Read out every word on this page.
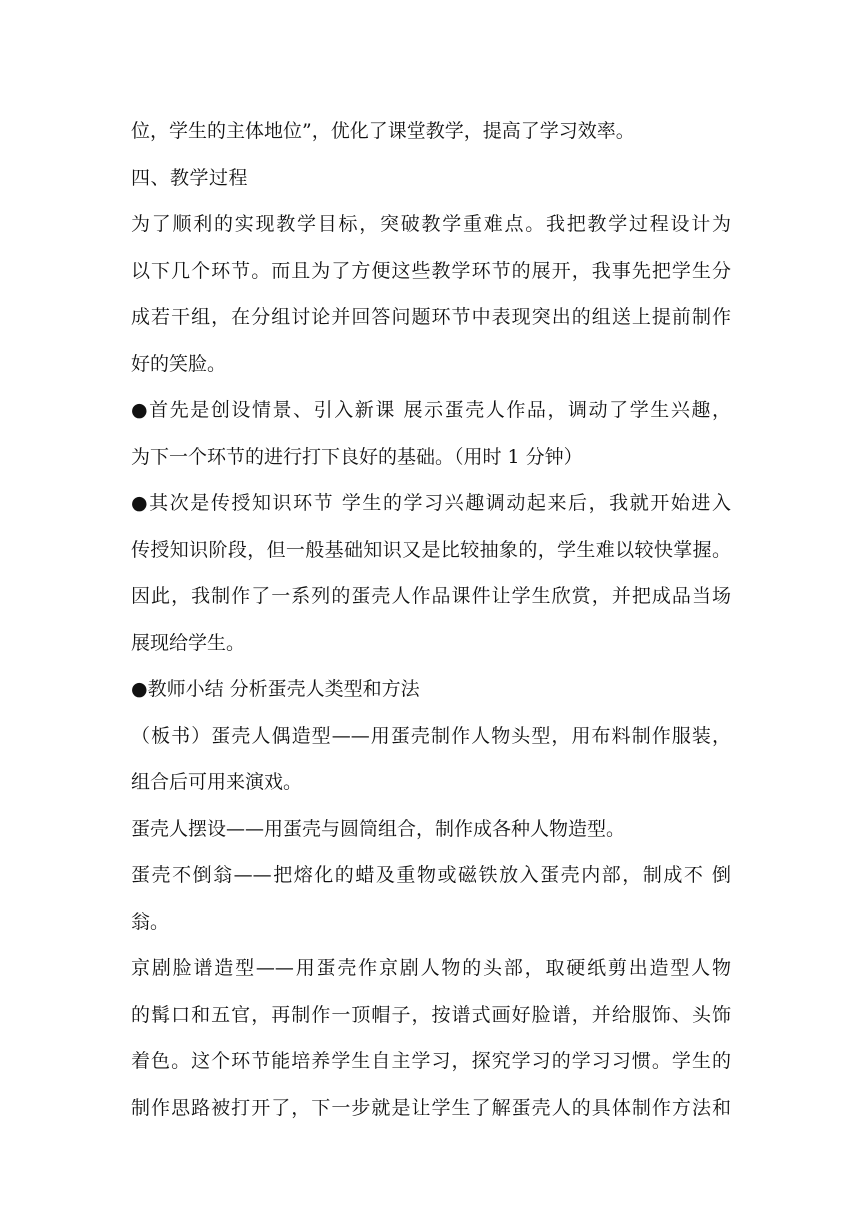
位，学生的主体地位”，优化了课堂教学，提高了学习效率。
四、教学过程
为了顺利的实现教学目标，突破教学重难点。我把教学过程设计为
以下几个环节。而且为了方便这些教学环节的展开，我事先把学生分
成若干组，在分组讨论并回答问题环节中表现突出的组送上提前制作
好的笑脸。
●首先是创设情景、引入新课 展示蛋壳人作品，调动了学生兴趣，
为下一个环节的进行打下良好的基础。（用时 1 分钟）
●其次是传授知识环节 学生的学习兴趣调动起来后，我就开始进入
传授知识阶段，但一般基础知识又是比较抽象的，学生难以较快掌握。
因此，我制作了一系列的蛋壳人作品课件让学生欣赏，并把成品当场
展现给学生。
●教师小结 分析蛋壳人类型和方法
（板书）蛋壳人偶造型——用蛋壳制作人物头型，用布料制作服装，
组合后可用来演戏。
蛋壳人摆设——用蛋壳与圆筒组合，制作成各种人物造型。
蛋壳不倒翁——把熔化的蜡及重物或磁铁放入蛋壳内部，制成不 倒
翁。
京剧脸谱造型——用蛋壳作京剧人物的头部，取硬纸剪出造型人物
的髯口和五官，再制作一顶帽子，按谱式画好脸谱，并给服饰、头饰
着色。这个环节能培养学生自主学习，探究学习的学习习惯。学生的
制作思路被打开了，下一步就是让学生了解蛋壳人的具体制作方法和
